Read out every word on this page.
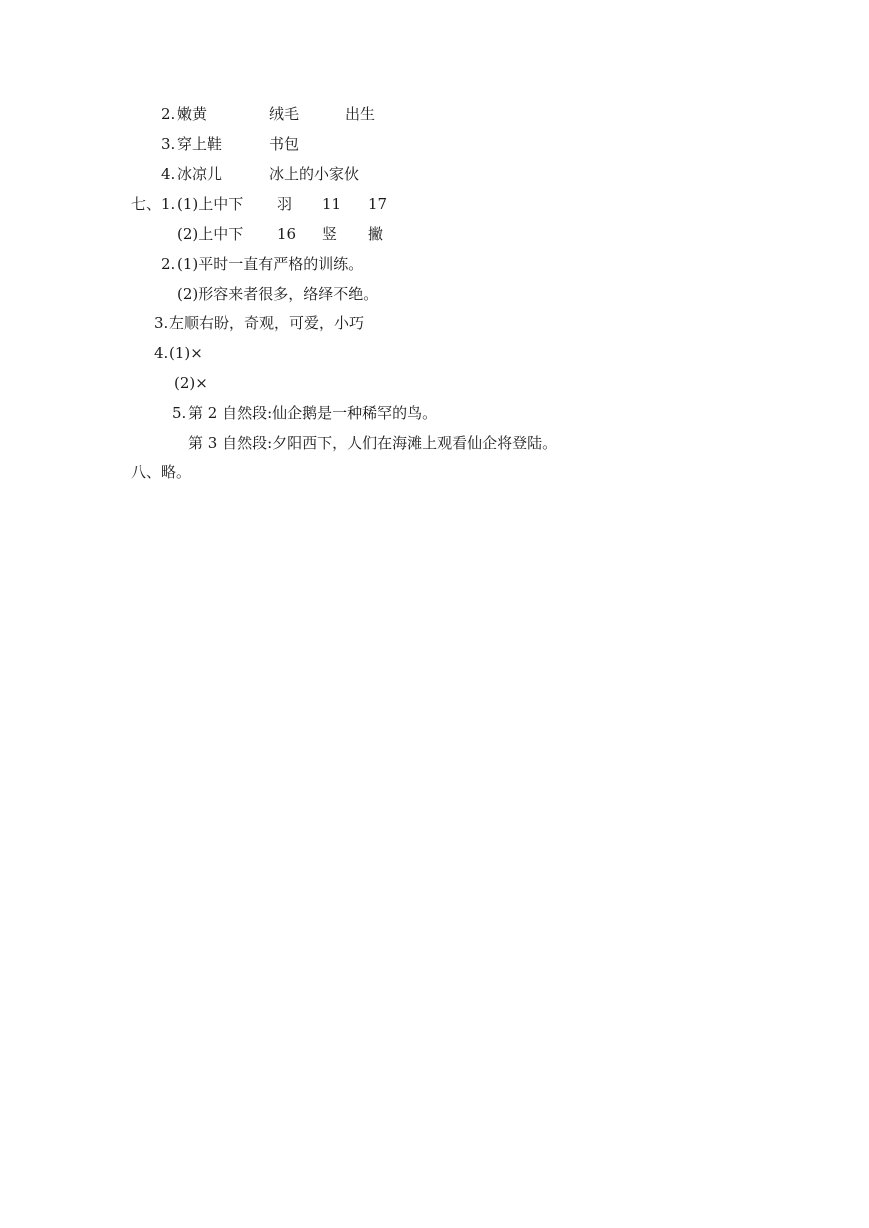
2. 嫩黄	绒毛	出生
3. 穿上鞋	书包
4. 冰凉儿	冰上的小家伙
七、1. (1)上中下 羽 11 17
(2)上中下 16 竖 撇
2. (1)平时一直有严格的训练。
(2)形容来者很多，络绎不绝。
3. 左顺右盼，奇观，可爱，小巧
4. (1)×
(2)×
5. 第 2 自然段:仙企鹅是一种稀罕的鸟。
第 3 自然段:夕阳西下，人们在海滩上观看仙企将登陆。
八、略。
